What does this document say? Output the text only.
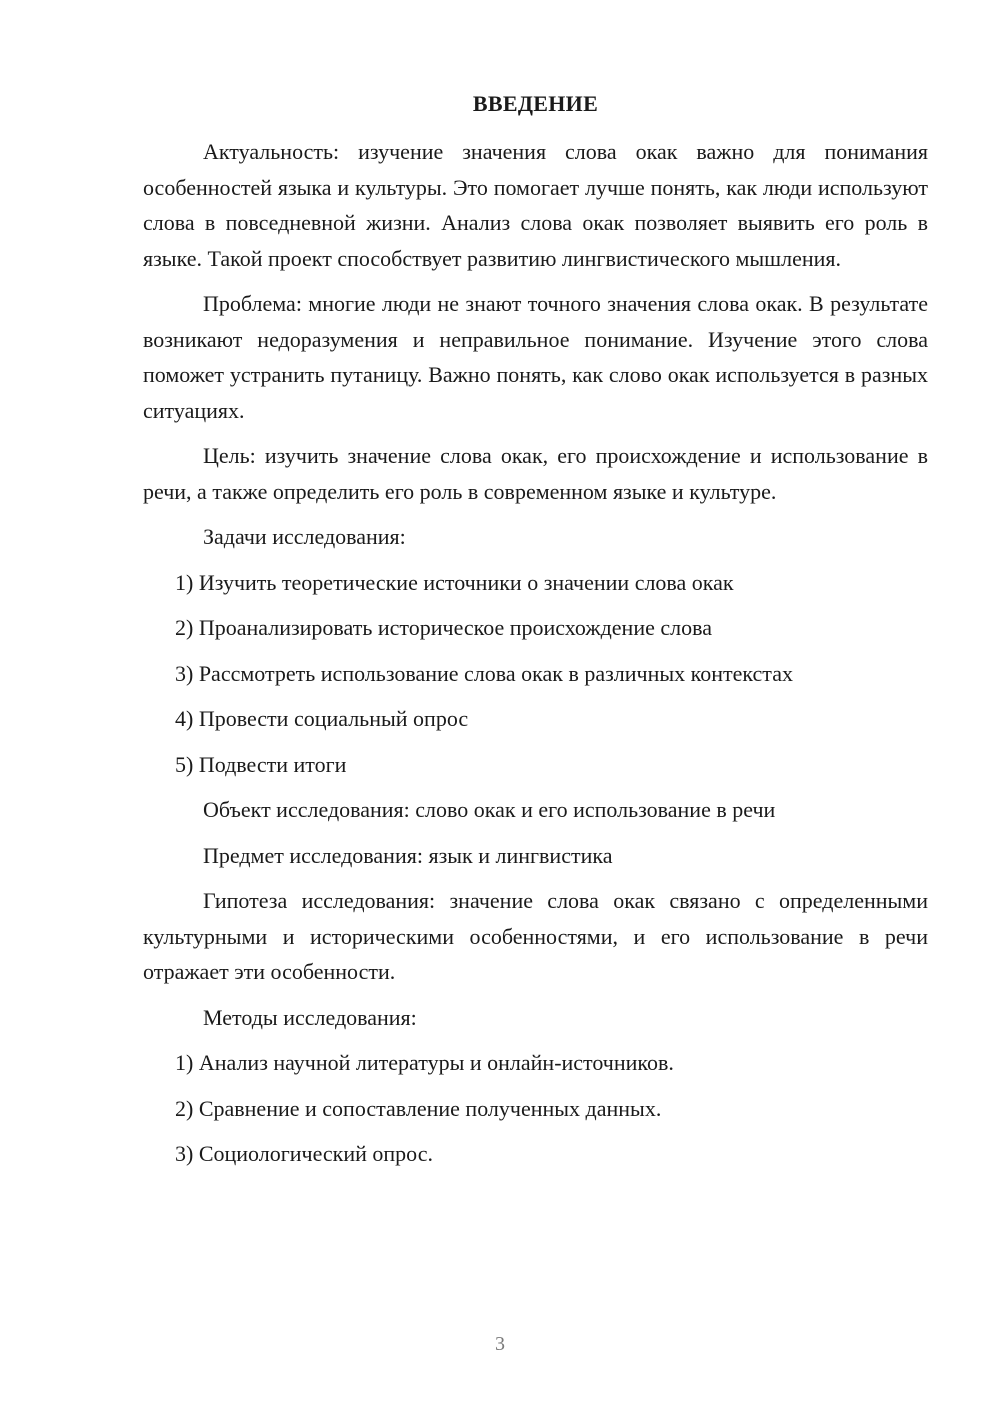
ВВЕДЕНИЕ

Актуальность: изучение значения слова окак важно для понимания особенностей языка и культуры. Это помогает лучше понять, как люди используют слова в повседневной жизни. Анализ слова окак позволяет выявить его роль в языке. Такой проект способствует развитию лингвистического мышления.

Проблема: многие люди не знают точного значения слова окак. В результате возникают недоразумения и неправильное понимание. Изучение этого слова поможет устранить путаницу. Важно понять, как слово окак используется в разных ситуациях.

Цель: изучить значение слова окак, его происхождение и использование в речи, а также определить его роль в современном языке и культуре.

Задачи исследования:

1) Изучить теоретические источники о значении слова окак
2) Проанализировать историческое происхождение слова
3) Рассмотреть использование слова окак в различных контекстах
4) Провести социальный опрос
5) Подвести итоги

Объект исследования: слово окак и его использование в речи

Предмет исследования: язык и лингвистика

Гипотеза исследования: значение слова окак связано с определенными культурными и историческими особенностями, и его использование в речи отражает эти особенности.

Методы исследования:

1) Анализ научной литературы и онлайн-источников.
2) Сравнение и сопоставление полученных данных.
3) Социологический опрос.
3
